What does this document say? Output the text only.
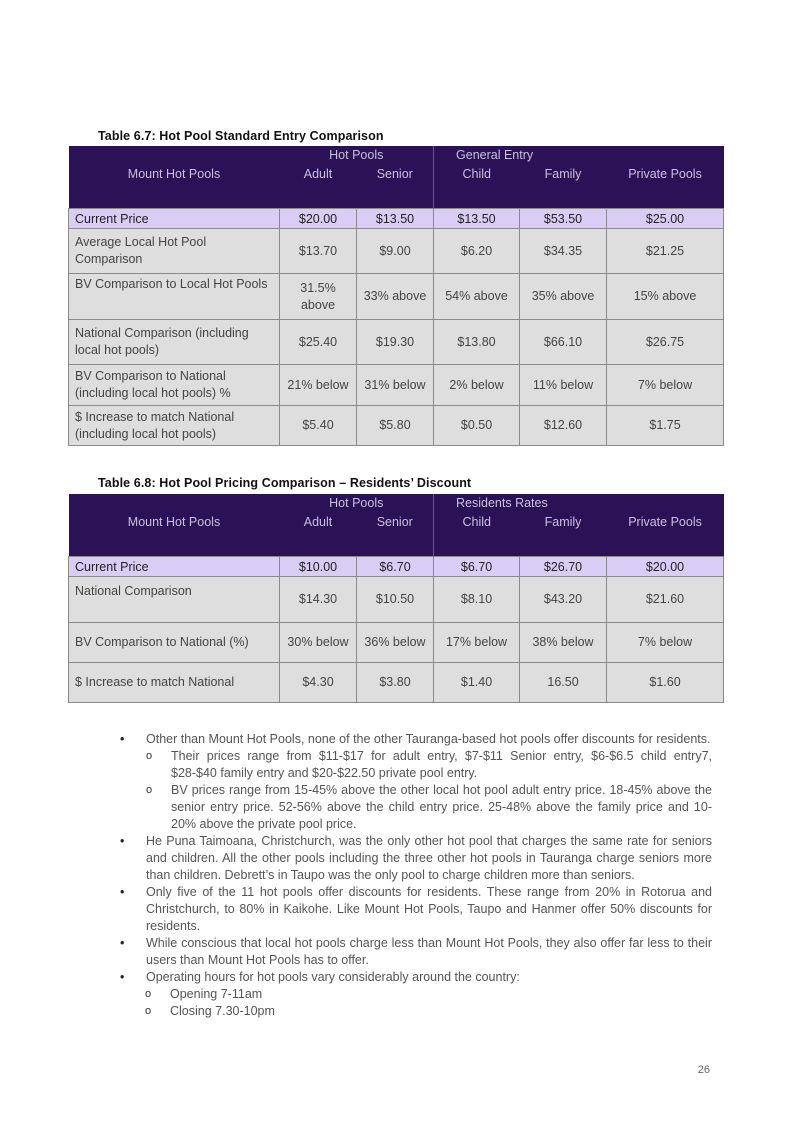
Table 6.7: Hot Pool Standard Entry Comparison
	Hot Pools		General Entry		
Mount Hot Pools	Adult	Senior	Child	Family	Private Pools
Current Price	$20.00	$13.50	$13.50	$53.50	$25.00
Average Local Hot Pool Comparison	$13.70	$9.00	$6.20	$34.35	$21.25
BV Comparison to Local Hot Pools	31.5% above	33% above	54% above	35% above	15% above
National Comparison (including local hot pools)	$25.40	$19.30	$13.80	$66.10	$26.75
BV Comparison to National (including local hot pools) %	21% below	31% below	2% below	11% below	7% below
$ Increase to match National (including local hot pools)	$5.40	$5.80	$0.50	$12.60	$1.75
Table 6.8: Hot Pool Pricing Comparison – Residents’ Discount
	Hot Pools		Residents Rates		
Mount Hot Pools	Adult	Senior	Child	Family	Private Pools
Current Price	$10.00	$6.70	$6.70	$26.70	$20.00
National Comparison	$14.30	$10.50	$8.10	$43.20	$21.60
BV Comparison to National (%)	30% below	36% below	17% below	38% below	7% below
$ Increase to match National	$4.30	$3.80	$1.40	16.50	$1.60
• Other than Mount Hot Pools, none of the other Tauranga-based hot pools offer discounts for residents.
o Their prices range from $11-$17 for adult entry, $7-$11 Senior entry, $6-$6.5 child entry7, $28-$40 family entry and $20-$22.50 private pool entry.
o BV prices range from 15-45% above the other local hot pool adult entry price. 18-45% above the senior entry price. 52-56% above the child entry price. 25-48% above the family price and 10-20% above the private pool price.
• He Puna Taimoana, Christchurch, was the only other hot pool that charges the same rate for seniors and children. All the other pools including the three other hot pools in Tauranga charge seniors more than children. Debrett’s in Taupo was the only pool to charge children more than seniors.
• Only five of the 11 hot pools offer discounts for residents. These range from 20% in Rotorua and Christchurch, to 80% in Kaikohe. Like Mount Hot Pools, Taupo and Hanmer offer 50% discounts for residents.
• While conscious that local hot pools charge less than Mount Hot Pools, they also offer far less to their users than Mount Hot Pools has to offer.
• Operating hours for hot pools vary considerably around the country:
o Opening 7-11am
o Closing 7.30-10pm
26
